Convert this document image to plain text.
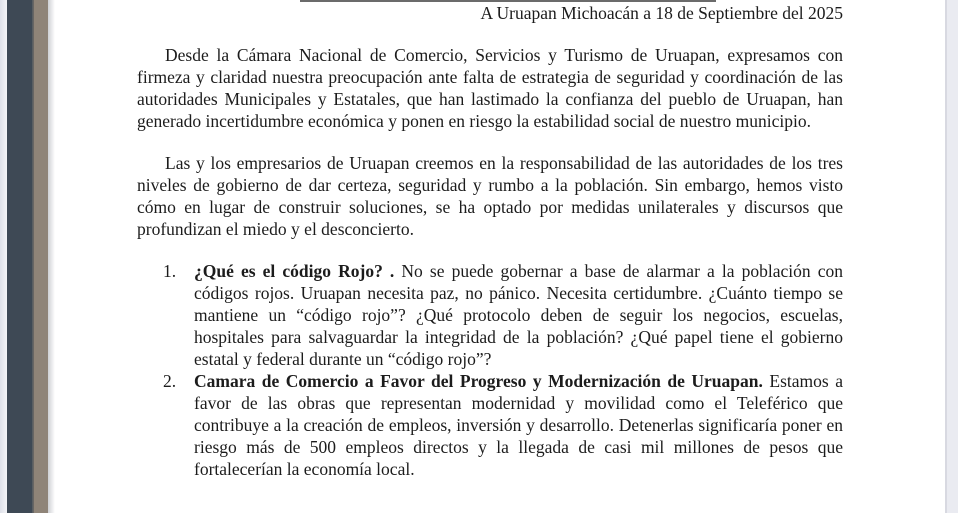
A Uruapan Michoacán a 18 de Septiembre del 2025

Desde la Cámara Nacional de Comercio, Servicios y Turismo de Uruapan, expresamos con firmeza y claridad nuestra preocupación ante falta de estrategia de seguridad y coordinación de las autoridades Municipales y Estatales, que han lastimado la confianza del pueblo de Uruapan, han generado incertidumbre económica y ponen en riesgo la estabilidad social de nuestro municipio.

Las y los empresarios de Uruapan creemos en la responsabilidad de las autoridades de los tres niveles de gobierno de dar certeza, seguridad y rumbo a la población. Sin embargo, hemos visto cómo en lugar de construir soluciones, se ha optado por medidas unilaterales y discursos que profundizan el miedo y el desconcierto.

1. ¿Qué es el código Rojo? . No se puede gobernar a base de alarmar a la población con códigos rojos. Uruapan necesita paz, no pánico. Necesita certidumbre. ¿Cuánto tiempo se mantiene un “código rojo”? ¿Qué protocolo deben de seguir los negocios, escuelas, hospitales para salvaguardar la integridad de la población? ¿Qué papel tiene el gobierno estatal y federal durante un “código rojo”?
2. Camara de Comercio a Favor del Progreso y Modernización de Uruapan. Estamos a favor de las obras que representan modernidad y movilidad como el Teleférico que contribuye a la creación de empleos, inversión y desarrollo. Detenerlas significaría poner en riesgo más de 500 empleos directos y la llegada de casi mil millones de pesos que fortalecerían la economía local.
